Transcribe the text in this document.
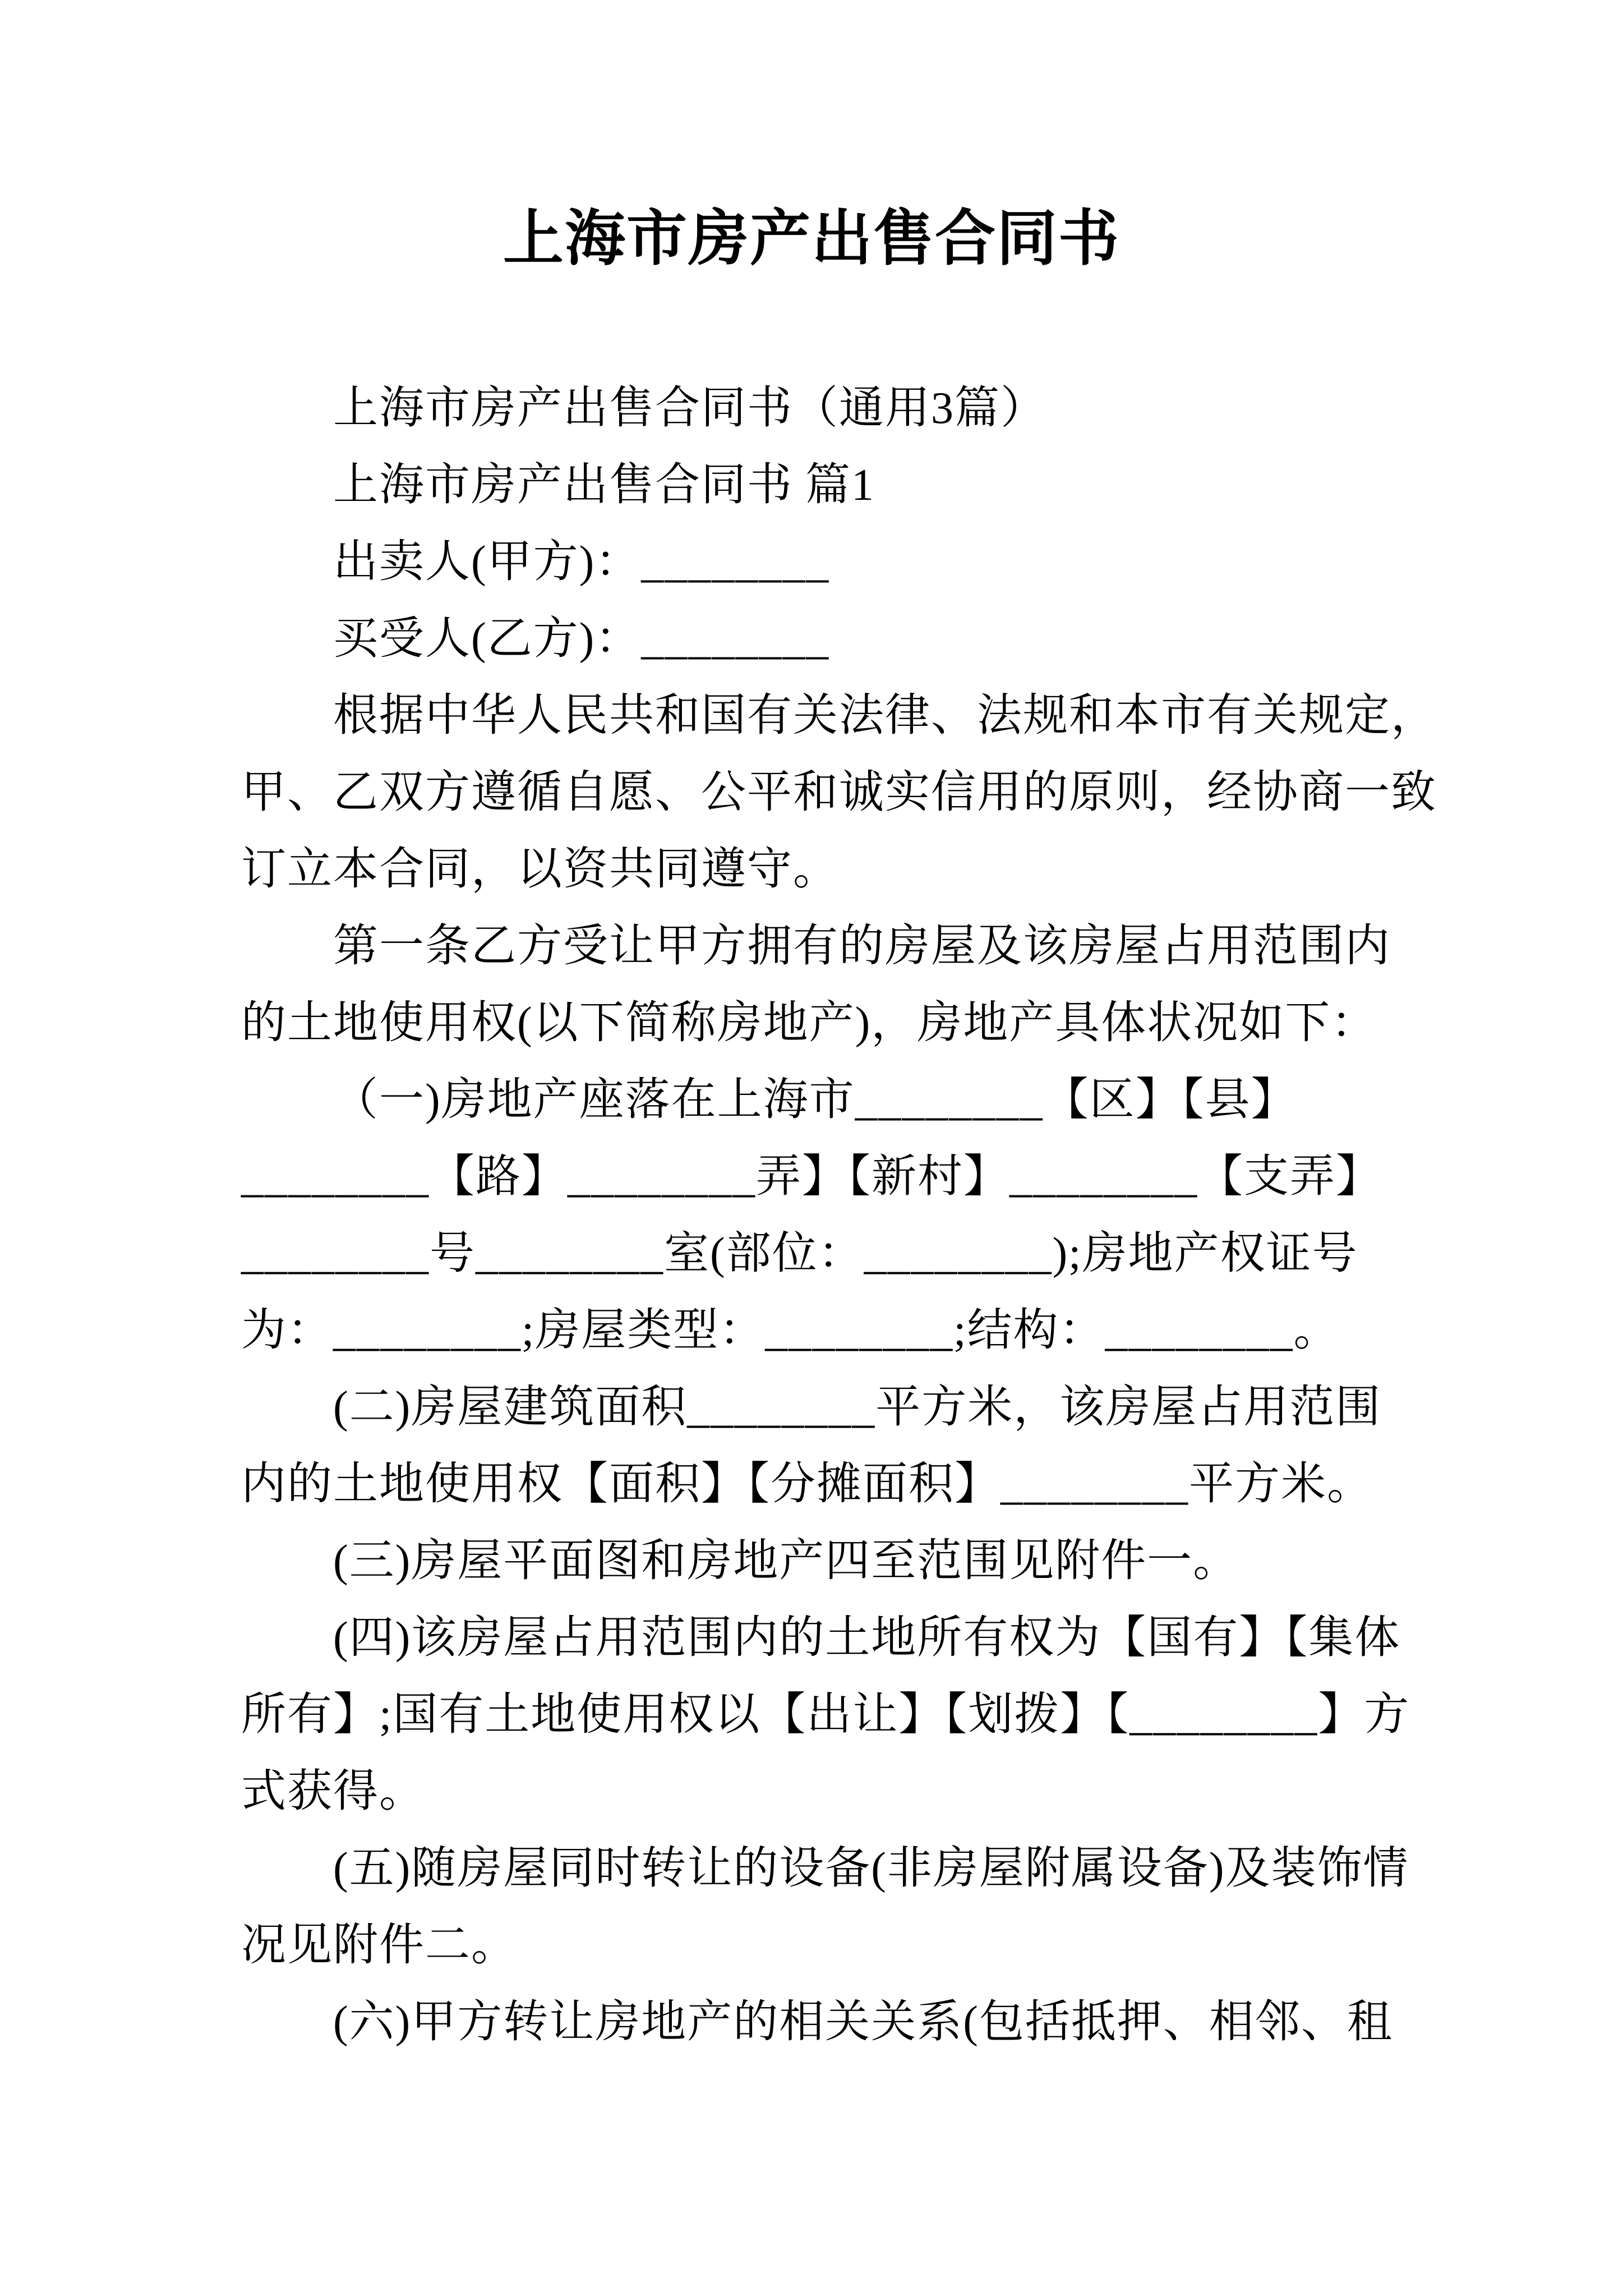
上海市房产出售合同书
上海市房产出售合同书（通用3篇）
上海市房产出售合同书 篇1
出卖人(甲方)：________
买受人(乙方)：________
根据中华人民共和国有关法律、法规和本市有关规定，
甲、乙双方遵循自愿、公平和诚实信用的原则，经协商一致
订立本合同，以资共同遵守。
第一条乙方受让甲方拥有的房屋及该房屋占用范围内
的土地使用权(以下简称房地产)，房地产具体状况如下：
（一)房地产座落在上海市________【区】【县】
________【路】________弄】【新村】________【支弄】
________号________室(部位：________);房地产权证号
为：________;房屋类型：________;结构：________。
(二)房屋建筑面积________平方米，该房屋占用范围
内的土地使用权【面积】【分摊面积】________平方米。
(三)房屋平面图和房地产四至范围见附件一。
(四)该房屋占用范围内的土地所有权为【国有】【集体
所有】;国有土地使用权以【出让】【划拨】【________】方
式获得。
(五)随房屋同时转让的设备(非房屋附属设备)及装饰情
况见附件二。
(六)甲方转让房地产的相关关系(包括抵押、相邻、租
